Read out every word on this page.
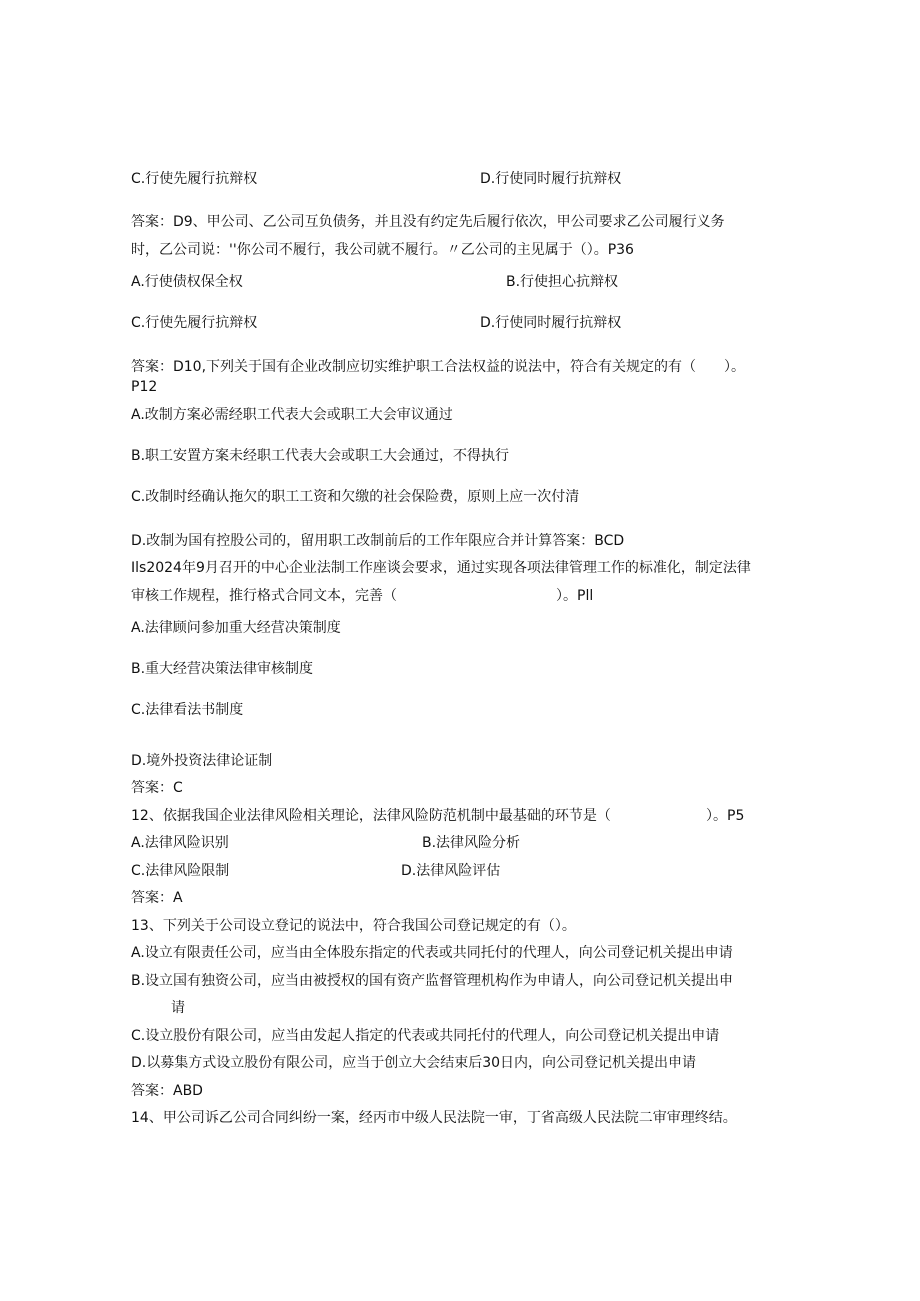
C.行使先履行抗辩权	D.行使同时履行抗辩权
答案：D9、甲公司、乙公司互负债务，并且没有约定先后履行依次，甲公司要求乙公司履行义务
时，乙公司说：''你公司不履行，我公司就不履行。〃乙公司的主见属于（）。P36
A.行使债权保全权	B.行使担心抗辩权
C.行使先履行抗辩权	D.行使同时履行抗辩权
答案：D10,下列关于国有企业改制应切实维护职工合法权益的说法中，符合有关规定的有（　　）。
P12
A.改制方案必需经职工代表大会或职工大会审议通过
B.职工安置方案未经职工代表大会或职工大会通过，不得执行
C.改制时经确认拖欠的职工工资和欠缴的社会保险费，原则上应一次付清
D.改制为国有控股公司的，留用职工改制前后的工作年限应合并计算答案：BCD
Ils2024年9月召开的中心企业法制工作座谈会要求，通过实现各项法律管理工作的标准化，制定法律
审核工作规程，推行格式合同文本，完善（	）。Pll
A.法律顾问参加重大经营决策制度
B.重大经营决策法律审核制度
C.法律看法书制度
D.境外投资法律论证制
答案：C
12、依据我国企业法律风险相关理论，法律风险防范机制中最基础的环节是（	）。P5
A.法律风险识别	B.法律风险分析
C.法律风险限制	D.法律风险评估
答案：A
13、下列关于公司设立登记的说法中，符合我国公司登记规定的有（）。
A.设立有限责任公司，应当由全体股东指定的代表或共同托付的代理人，向公司登记机关提出申请
B.设立国有独资公司，应当由被授权的国有资产监督管理机构作为申请人，向公司登记机关提出申
请
C.设立股份有限公司，应当由发起人指定的代表或共同托付的代理人，向公司登记机关提出申请
D.以募集方式设立股份有限公司，应当于创立大会结束后30日内，向公司登记机关提出申请
答案：ABD
14、甲公司诉乙公司合同纠纷一案，经丙市中级人民法院一审，丁省高级人民法院二审审理终结。
